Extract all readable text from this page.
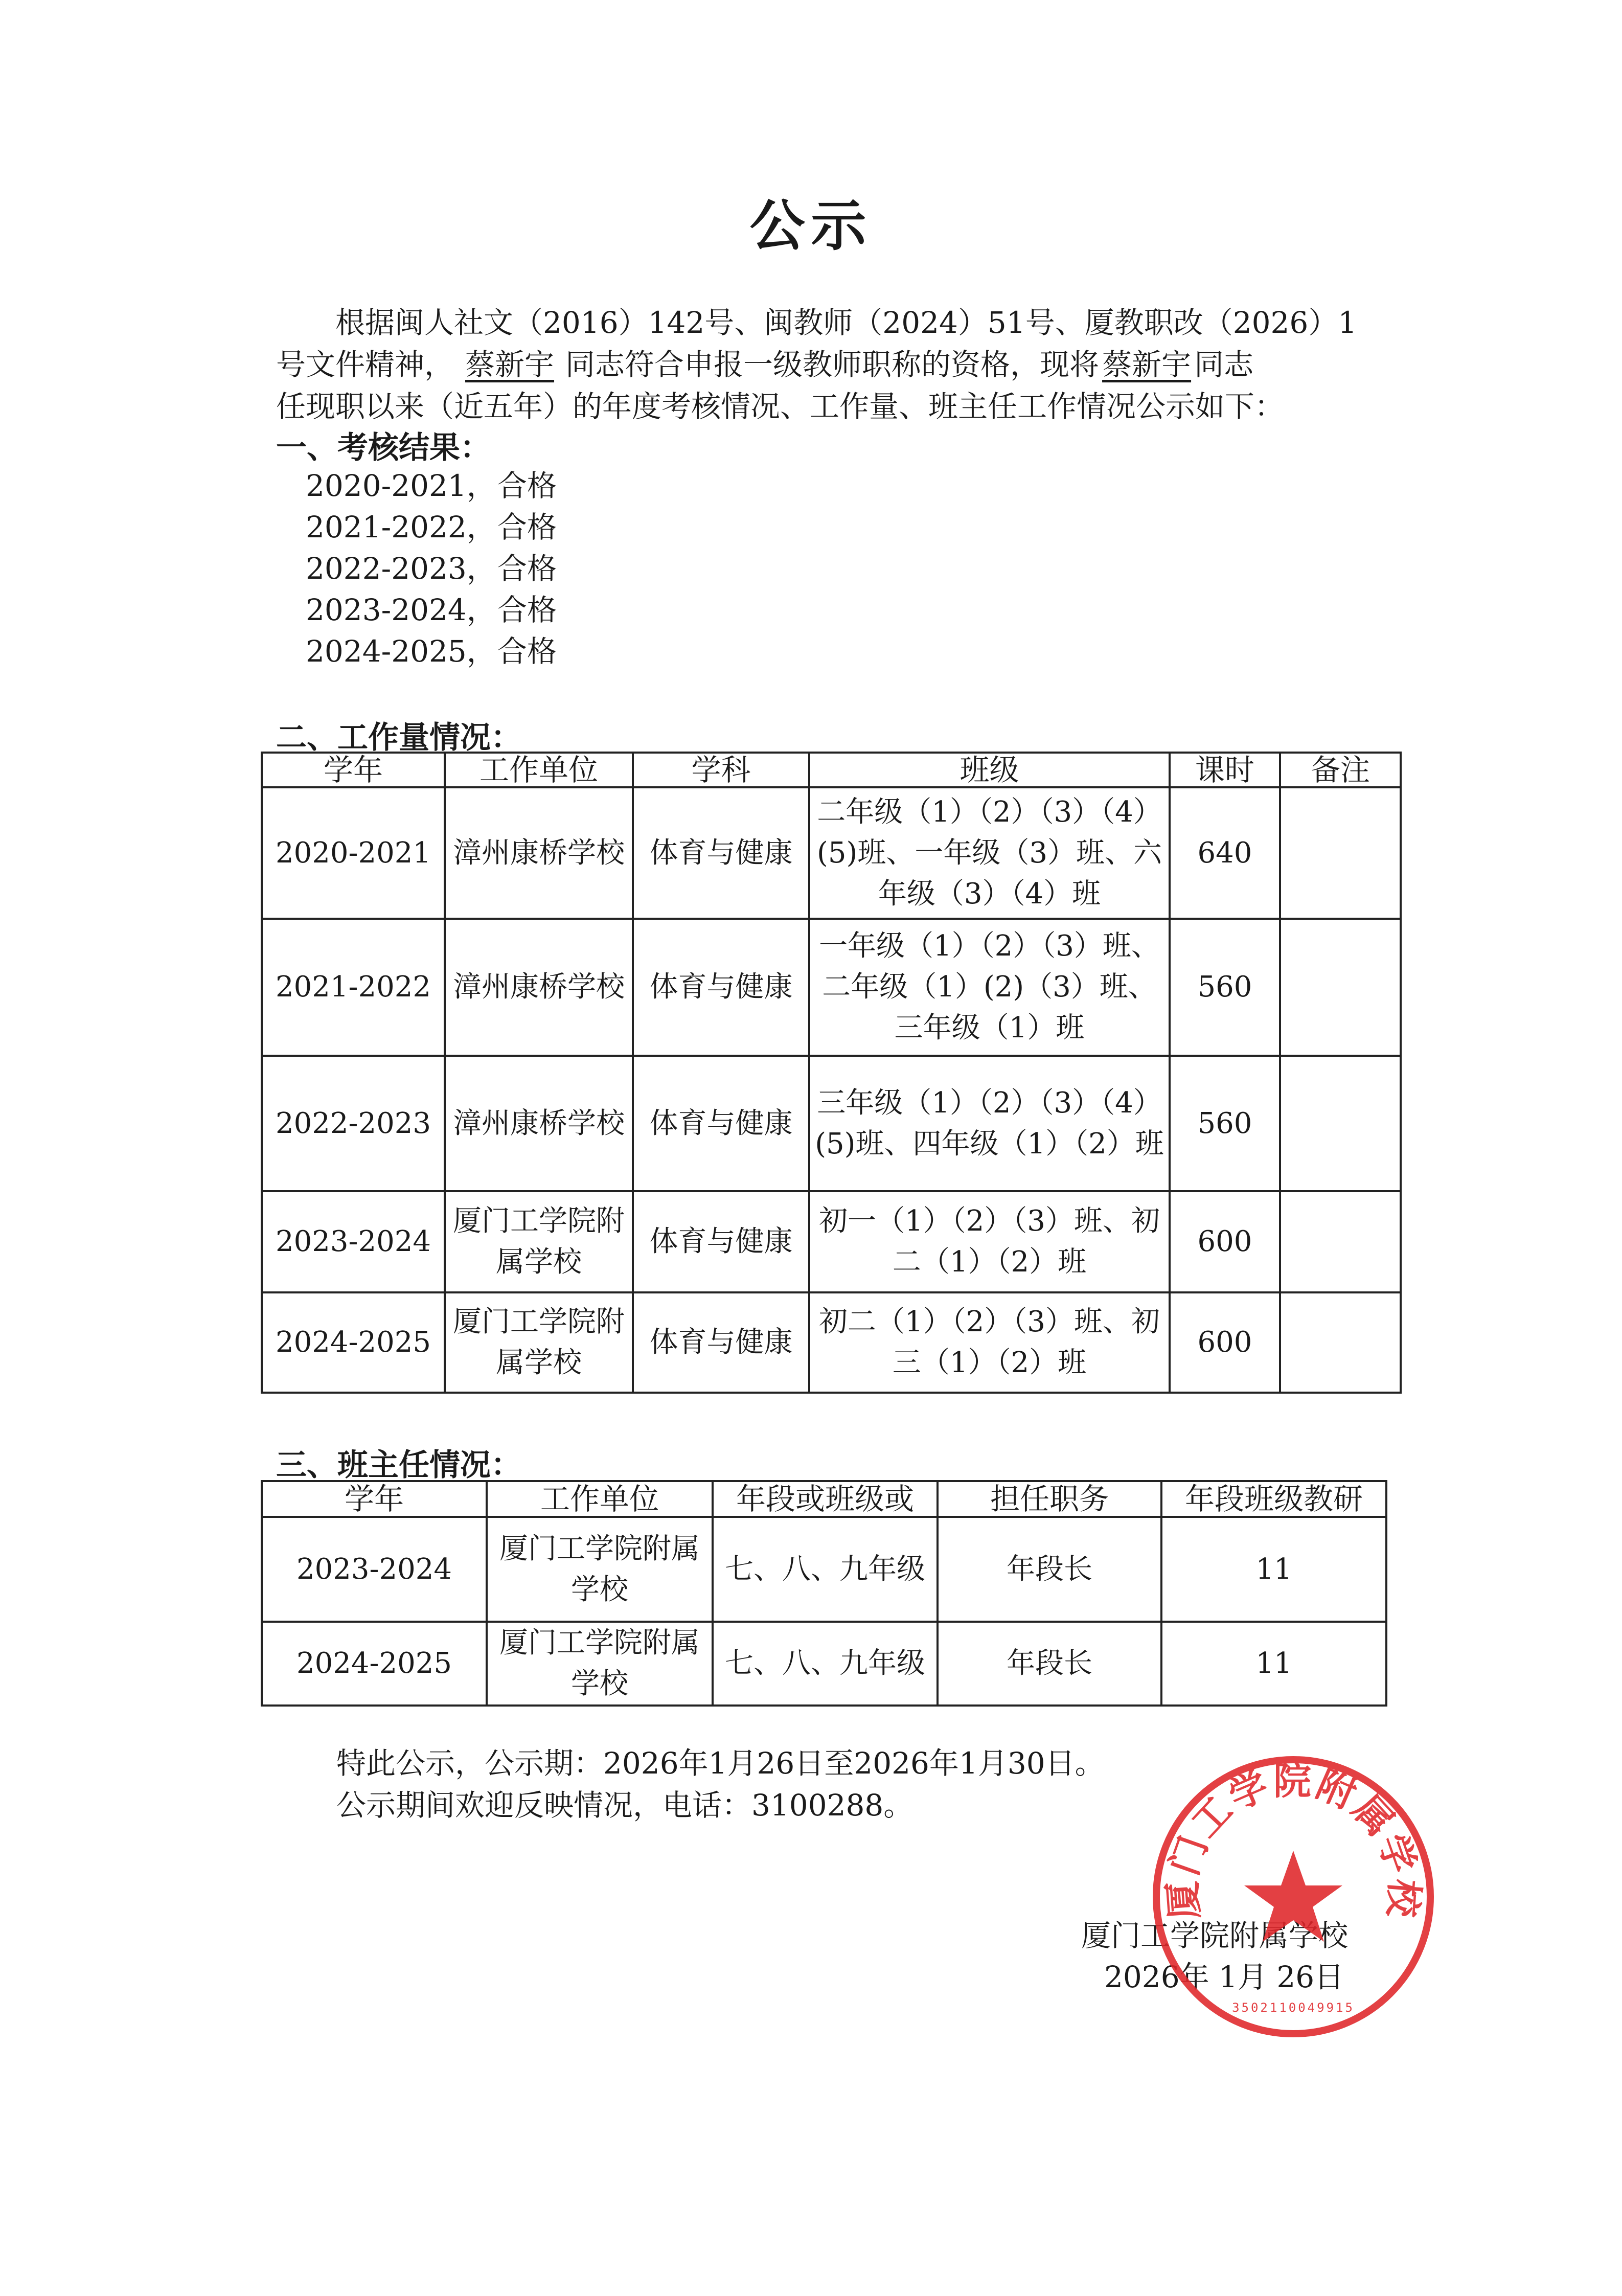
公示

根据闽人社文（2016）142号、闽教师（2024）51号、厦教职改（2026）1

号文件精神， 蔡新宇 同志符合申报一级教师职称的资格，现将 蔡新宇 同志

任现职以来（近五年）的年度考核情况、工作量、班主任工作情况公示如下：

一、考核结果：
2020-2021，合格
2021-2022，合格
2022-2023，合格
2023-2024，合格
2024-2025，合格
二、工作量情况：
学年	工作单位	学科	班级	课时	备注
2020-2021	漳州康桥学校	体育与健康	二年级（1）（2）（3）（4）(5)班、一年级（3）班、六年级（3）（4）班	640	
2021-2022	漳州康桥学校	体育与健康	一年级（1）（2）（3）班、二年级（1）(2)（3）班、三年级（1）班	560	
2022-2023	漳州康桥学校	体育与健康	三年级（1）（2）（3）（4）(5)班、四年级（1）（2）班	560	
2023-2024	厦门工学院附属学校	体育与健康	初一（1）（2）（3）班、初二（1）（2）班	600	
2024-2025	厦门工学院附属学校	体育与健康	初二（1）（2）（3）班、初三（1）（2）班	600	
三、班主任情况：
学年	工作单位	年段或班级或	担任职务	年段班级教研
2023-2024	厦门工学院附属学校	七、八、九年级	年段长	11
2024-2025	厦门工学院附属学校	七、八、九年级	年段长	11
特此公示，公示期：2026年1月26日至2026年1月30日。
公示期间欢迎反映情况，电话：3100288。
厦门工学院附属学校
2026年 1月 26日
厦门工学院附属学校
3502110049915
